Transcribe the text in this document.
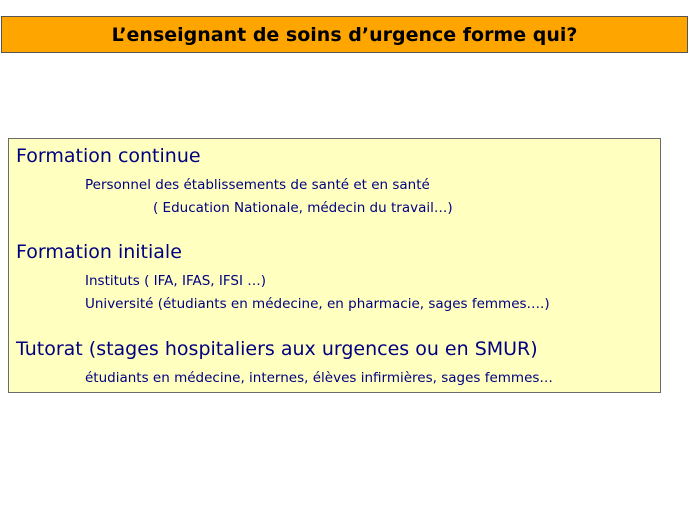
L’enseignant de soins d’urgence forme qui?
Formation continue
Personnel des établissements de santé et en santé
( Education Nationale, médecin du travail…)
Formation initiale
Instituts ( IFA, IFAS, IFSI …)
Université (étudiants en médecine, en pharmacie, sages femmes….)
Tutorat (stages hospitaliers aux urgences ou en SMUR)
étudiants en médecine, internes, élèves infirmières, sages femmes…
